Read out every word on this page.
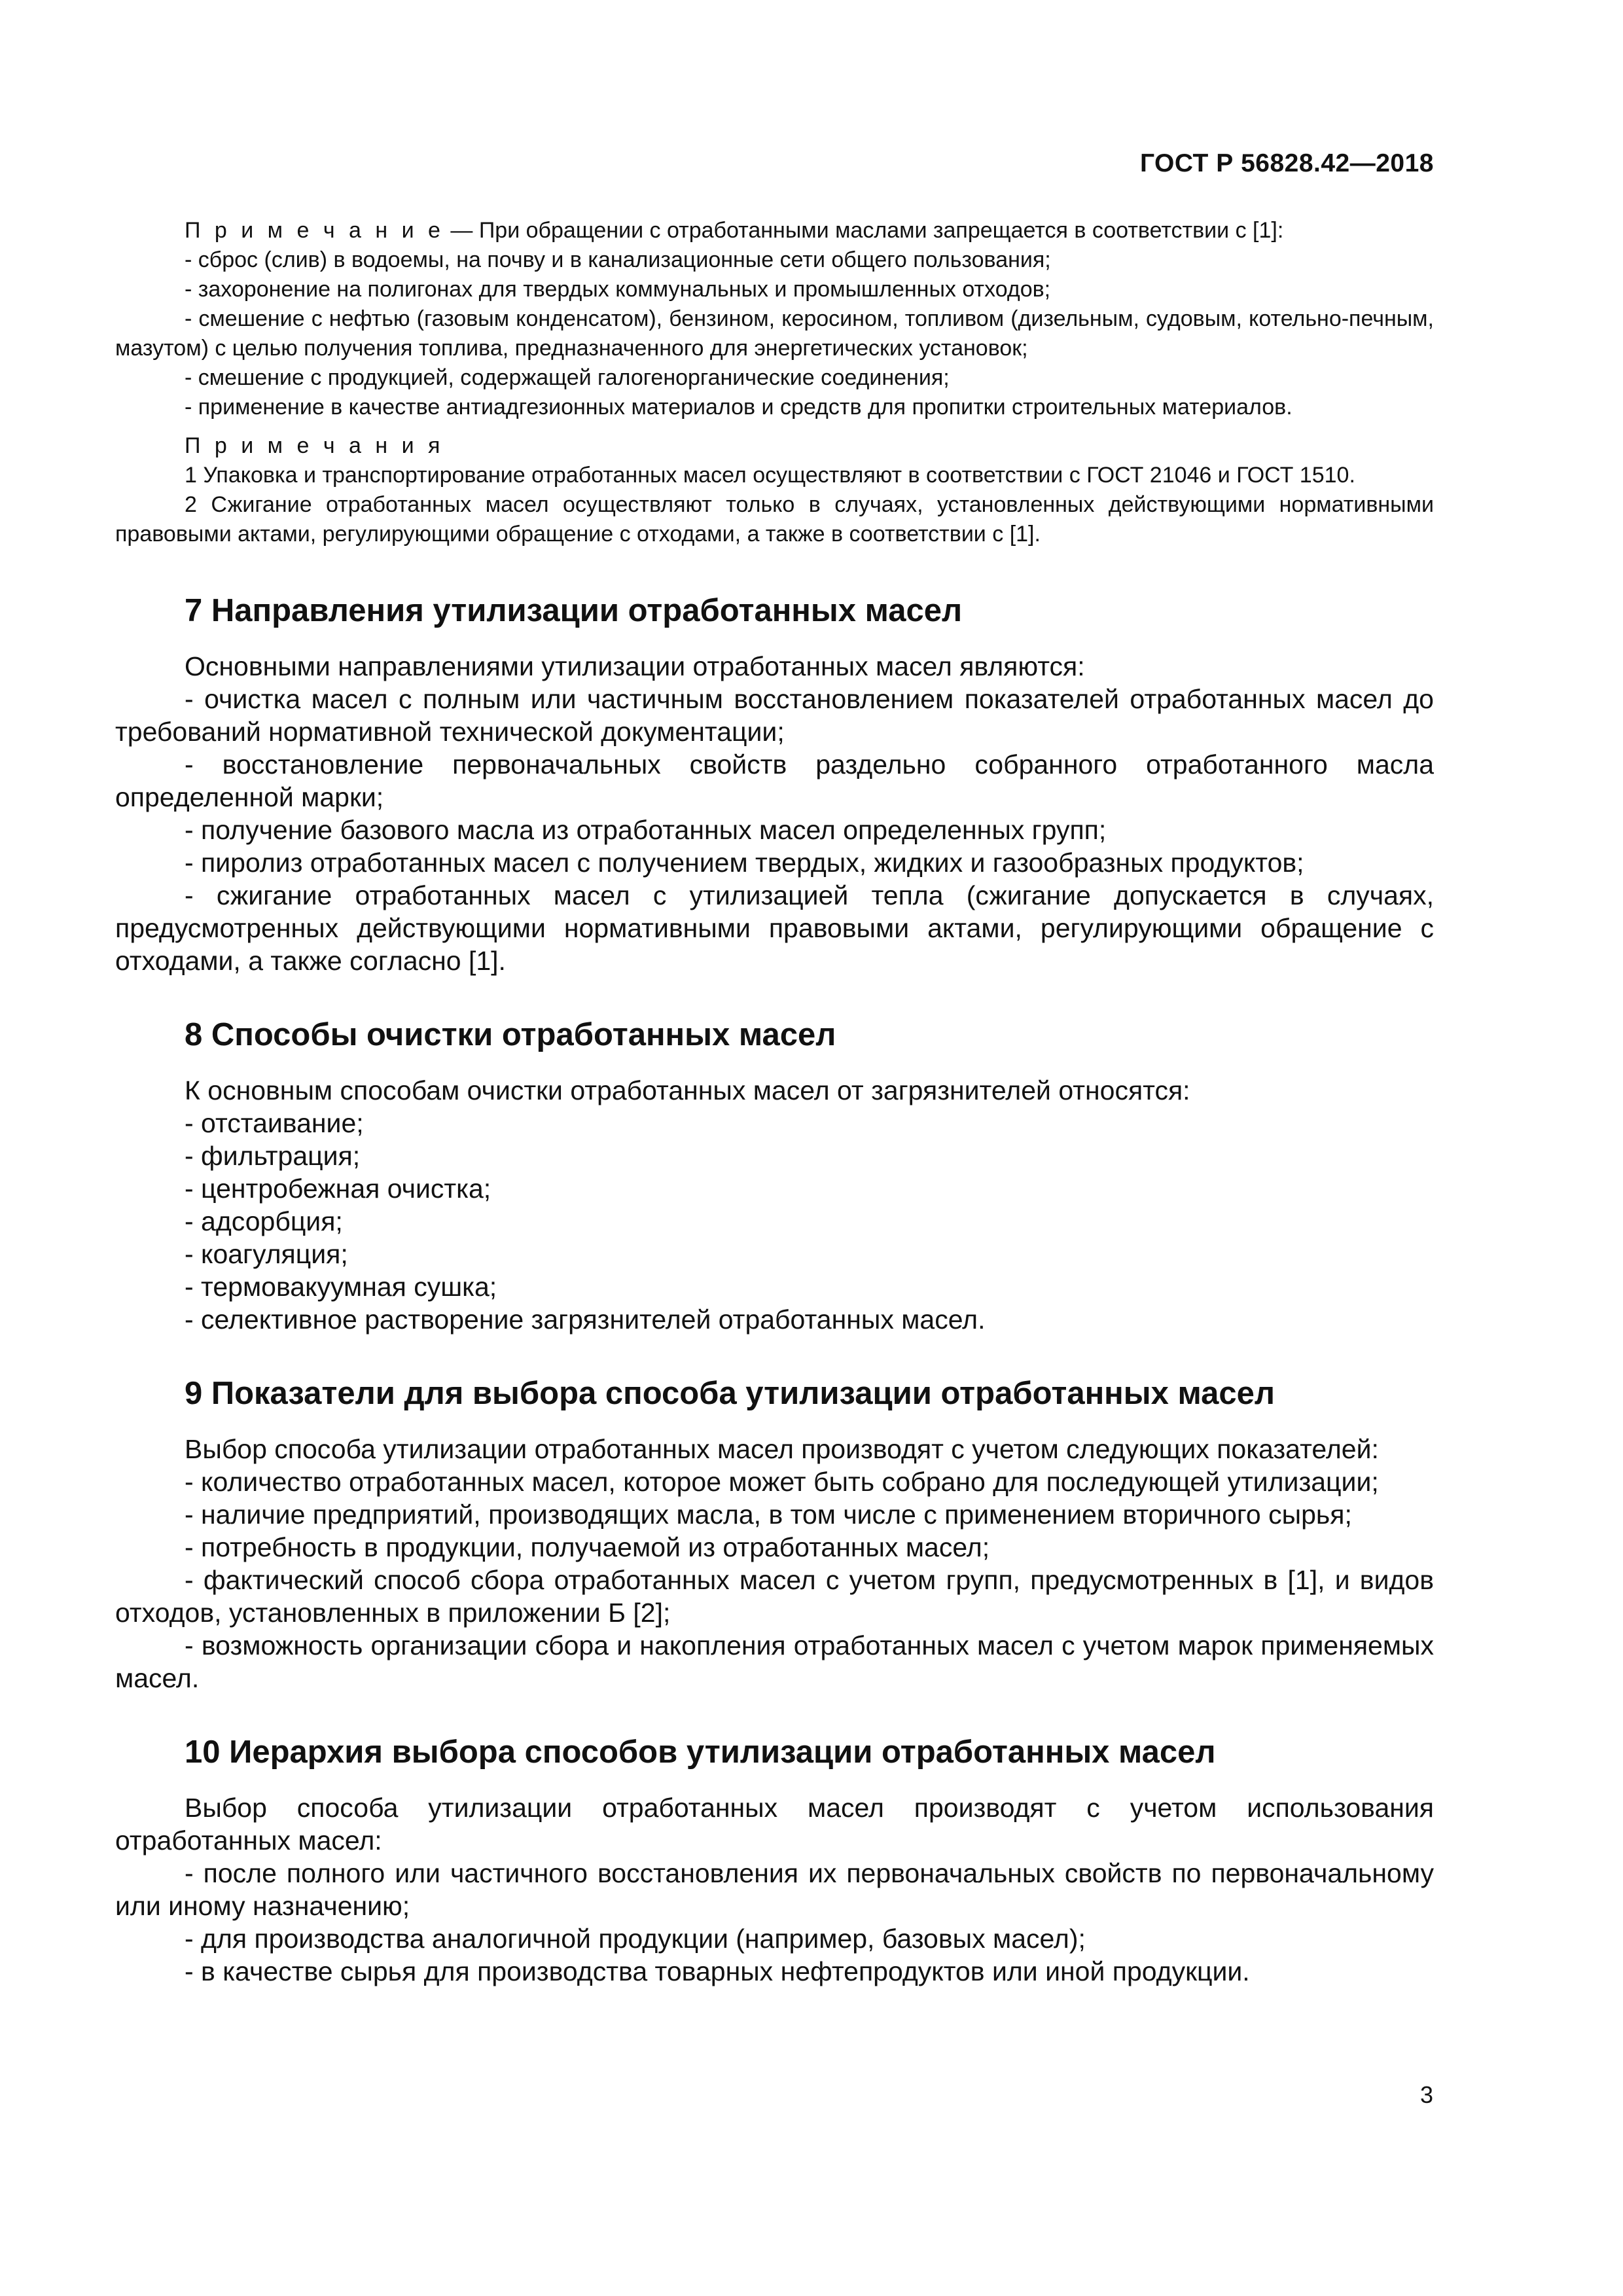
ГОСТ Р 56828.42—2018

П р и м е ч а н и е — При обращении с отработанными маслами запрещается в соответствии с [1]:

- сброс (слив) в водоемы, на почву и в канализационные сети общего пользования;

- захоронение на полигонах для твердых коммунальных и промышленных отходов;

- смешение с нефтью (газовым конденсатом), бензином, керосином, топливом (дизельным, судовым, котельно-печным, мазутом) с целью получения топлива, предназначенного для энергетических установок;

- смешение с продукцией, содержащей галогенорганические соединения;

- применение в качестве антиадгезионных материалов и средств для пропитки строительных материалов.

П р и м е ч а н и я

1 Упаковка и транспортирование отработанных масел осуществляют в соответствии с ГОСТ 21046 и ГОСТ 1510.

2 Сжигание отработанных масел осуществляют только в случаях, установленных действующими нормативными правовыми актами, регулирующими обращение с отходами, а также в соответствии с [1].

7 Направления утилизации отработанных масел

Основными направлениями утилизации отработанных масел являются:

- очистка масел с полным или частичным восстановлением показателей отработанных масел до требований нормативной технической документации;

- восстановление первоначальных свойств раздельно собранного отработанного масла определенной марки;

- получение базового масла из отработанных масел определенных групп;

- пиролиз отработанных масел с получением твердых, жидких и газообразных продуктов;

- сжигание отработанных масел с утилизацией тепла (сжигание допускается в случаях, предусмотренных действующими нормативными правовыми актами, регулирующими обращение с отходами, а также согласно [1].

8 Способы очистки отработанных масел

К основным способам очистки отработанных масел от загрязнителей относятся:

- отстаивание;

- фильтрация;

- центробежная очистка;

- адсорбция;

- коагуляция;

- термовакуумная сушка;

- селективное растворение загрязнителей отработанных масел.

9 Показатели для выбора способа утилизации отработанных масел

Выбор способа утилизации отработанных масел производят с учетом следующих показателей:

- количество отработанных масел, которое может быть собрано для последующей утилизации;

- наличие предприятий, производящих масла, в том числе с применением вторичного сырья;

- потребность в продукции, получаемой из отработанных масел;

- фактический способ сбора отработанных масел с учетом групп, предусмотренных в [1], и видов отходов, установленных в приложении Б [2];

- возможность организации сбора и накопления отработанных масел с учетом марок применяемых масел.

10 Иерархия выбора способов утилизации отработанных масел

Выбор способа утилизации отработанных масел производят с учетом использования отработанных масел:

- после полного или частичного восстановления их первоначальных свойств по первоначальному или иному назначению;

- для производства аналогичной продукции (например, базовых масел);

- в качестве сырья для производства товарных нефтепродуктов или иной продукции.

3
